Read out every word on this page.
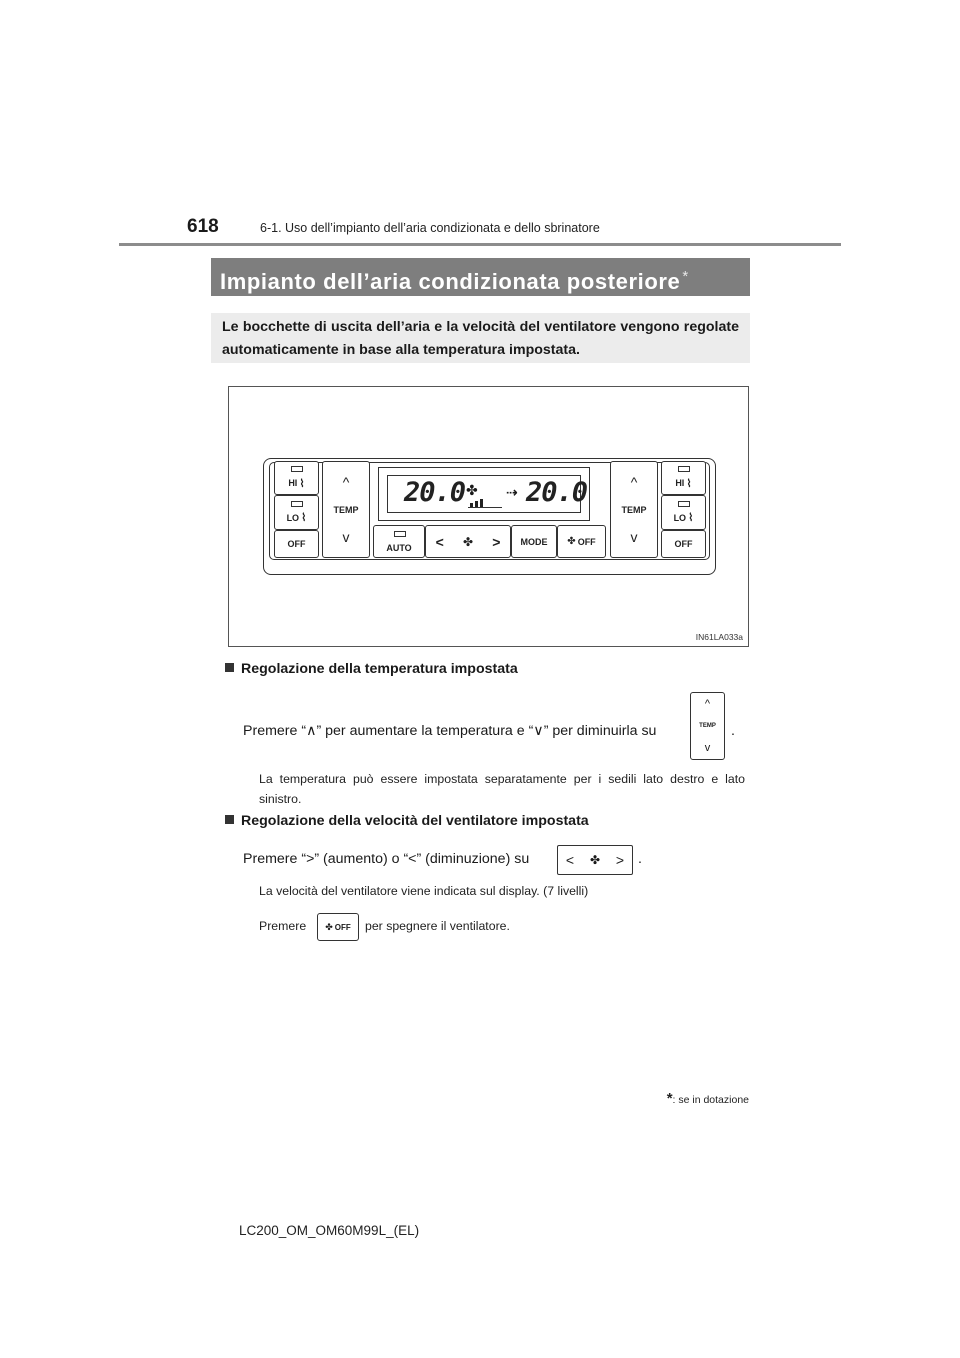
618	6-1. Uso dell’impianto dell’aria condizionata e dello sbrinatore
Impianto dell’aria condizionata posteriore *
Le bocchette di uscita dell’aria e la velocità del ventilatore vengono regolate automaticamente in base alla temperatura impostata.
HI ⌇
LO ⌇
OFF
^
TEMP
v
20.0 ✤ ⇢ 20.0
AUTO < ✤ >	MODE	✤ OFF
^
TEMP
v
HI ⌇
LO ⌇
OFF
IN61LA033a
Regolazione della temperatura impostata
Premere “∧” per aumentare la temperatura e “∨” per diminuirla su
^
TEMP
v
.
La temperatura può essere impostata separatamente per i sedili lato destro e lato sinistro.
Regolazione della velocità del ventilatore impostata
Premere “>” (aumento) o “<” (diminuzione) su	< ✤ > .
La velocità del ventilatore viene indicata sul display. (7 livelli)
Premere ✤ OFF per spegnere il ventilatore.
*: se in dotazione
LC200_OM_OM60M99L_(EL)
